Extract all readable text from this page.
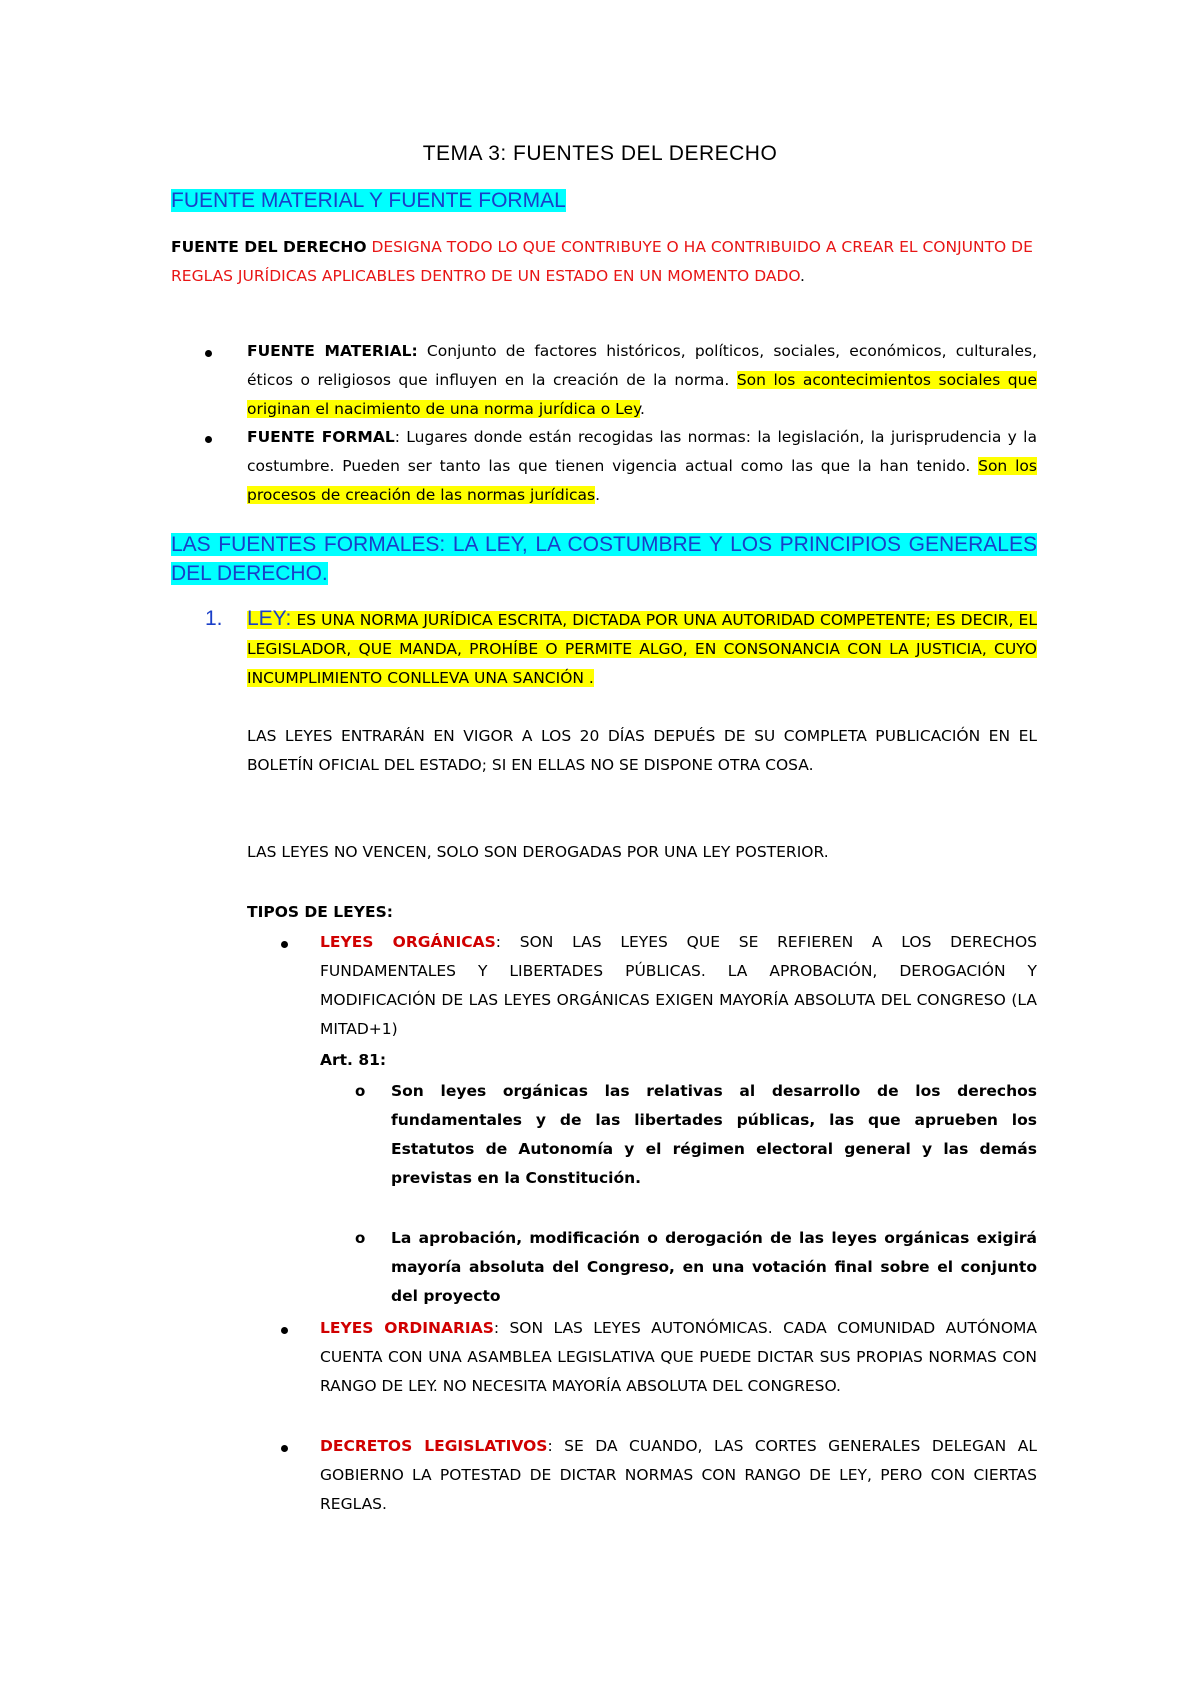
TEMA 3: FUENTES DEL DERECHO
FUENTE MATERIAL Y FUENTE FORMAL
FUENTE DEL DERECHO DESIGNA TODO LO QUE CONTRIBUYE O HA CONTRIBUIDO A CREAR EL CONJUNTO DE REGLAS JURÍDICAS APLICABLES DENTRO DE UN ESTADO EN UN MOMENTO DADO.
FUENTE MATERIAL: Conjunto de factores históricos, políticos, sociales, económicos, culturales, éticos o religiosos que influyen en la creación de la norma. Son los acontecimientos sociales que originan el nacimiento de una norma jurídica o Ley.
FUENTE FORMAL: Lugares donde están recogidas las normas: la legislación, la jurisprudencia y la costumbre. Pueden ser tanto las que tienen vigencia actual como las que la han tenido. Son los procesos de creación de las normas jurídicas.
LAS FUENTES FORMALES: LA LEY, LA COSTUMBRE Y LOS PRINCIPIOS GENERALES DEL DERECHO.
1. LEY: ES UNA NORMA JURÍDICA ESCRITA, DICTADA POR UNA AUTORIDAD COMPETENTE; ES DECIR, EL LEGISLADOR, QUE MANDA, PROHÍBE O PERMITE ALGO, EN CONSONANCIA CON LA JUSTICIA, CUYO INCUMPLIMIENTO CONLLEVA UNA SANCIÓN .
LAS LEYES ENTRARÁN EN VIGOR A LOS 20 DÍAS DEPUÉS DE SU COMPLETA PUBLICACIÓN EN EL BOLETÍN OFICIAL DEL ESTADO; SI EN ELLAS NO SE DISPONE OTRA COSA.
LAS LEYES NO VENCEN, SOLO SON DEROGADAS POR UNA LEY POSTERIOR.
TIPOS DE LEYES:
LEYES ORGÁNICAS: SON LAS LEYES QUE SE REFIEREN A LOS DERECHOS FUNDAMENTALES Y LIBERTADES PÚBLICAS. LA APROBACIÓN, DEROGACIÓN Y MODIFICACIÓN DE LAS LEYES ORGÁNICAS EXIGEN MAYORÍA ABSOLUTA DEL CONGRESO (LA MITAD+1)
Art. 81:
o Son leyes orgánicas las relativas al desarrollo de los derechos fundamentales y de las libertades públicas, las que aprueben los Estatutos de Autonomía y el régimen electoral general y las demás previstas en la Constitución.
o La aprobación, modificación o derogación de las leyes orgánicas exigirá mayoría absoluta del Congreso, en una votación final sobre el conjunto del proyecto
LEYES ORDINARIAS: SON LAS LEYES AUTONÓMICAS. CADA COMUNIDAD AUTÓNOMA CUENTA CON UNA ASAMBLEA LEGISLATIVA QUE PUEDE DICTAR SUS PROPIAS NORMAS CON RANGO DE LEY. NO NECESITA MAYORÍA ABSOLUTA DEL CONGRESO.
DECRETOS LEGISLATIVOS: SE DA CUANDO, LAS CORTES GENERALES DELEGAN AL GOBIERNO LA POTESTAD DE DICTAR NORMAS CON RANGO DE LEY, PERO CON CIERTAS REGLAS.
